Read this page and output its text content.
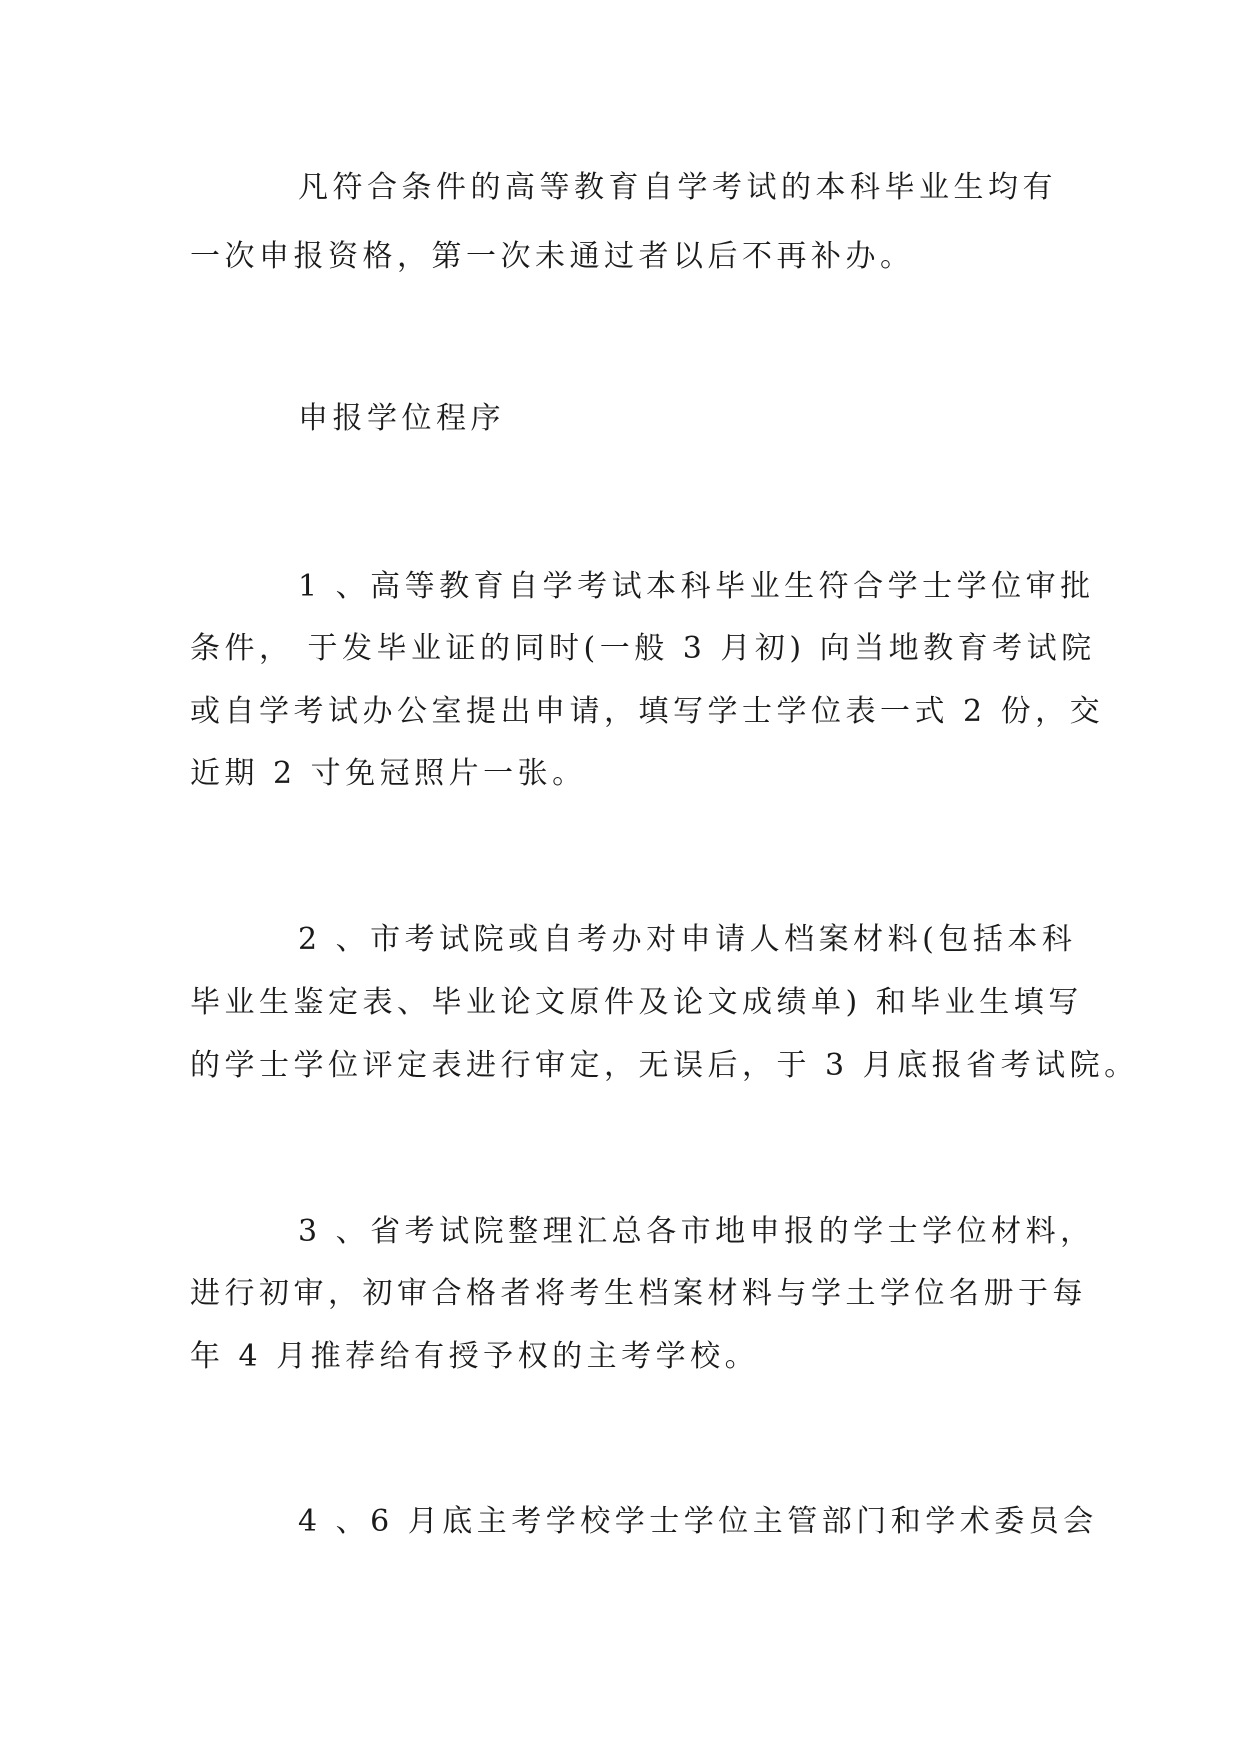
凡符合条件的高等教育自学考试的本科毕业生均有
一次申报资格，第一次未通过者以后不再补办。
申报学位程序
1 、高等教育自学考试本科毕业生符合学士学位审批
条件， 于发毕业证的同时(一般 3 月初) 向当地教育考试院
或自学考试办公室提出申请，填写学士学位表一式 2 份，交
近期 2 寸免冠照片一张。
2 、市考试院或自考办对申请人档案材料(包括本科
毕业生鉴定表、毕业论文原件及论文成绩单) 和毕业生填写
的学士学位评定表进行审定，无误后，于 3 月底报省考试院。
3 、省考试院整理汇总各市地申报的学士学位材料，
进行初审，初审合格者将考生档案材料与学土学位名册于每
年 4 月推荐给有授予权的主考学校。
4 、6 月底主考学校学士学位主管部门和学术委员会
